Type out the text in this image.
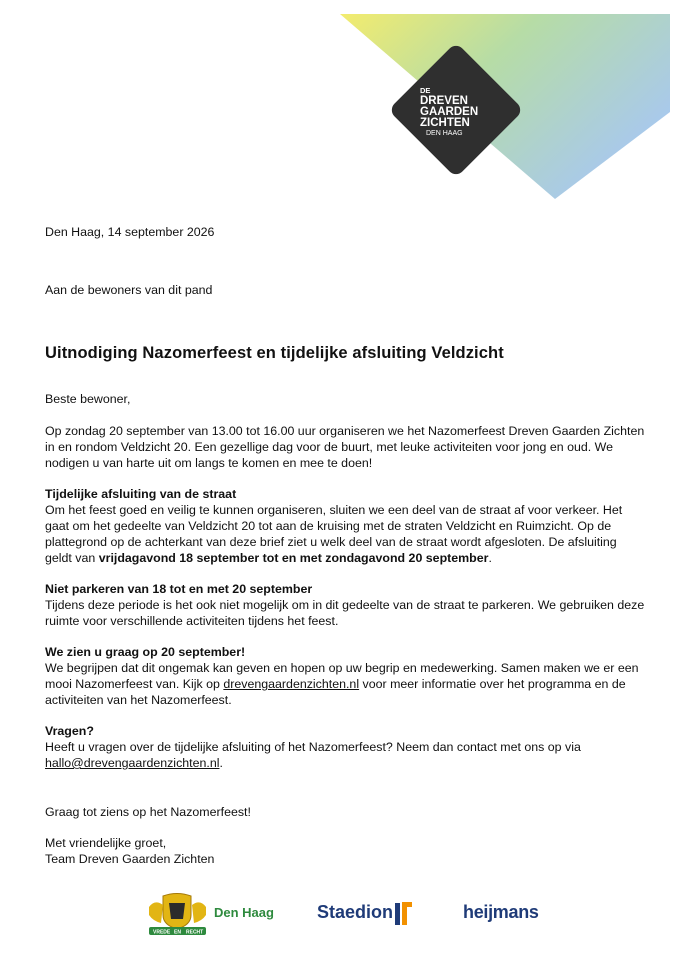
DE
DREVEN
GAARDEN
ZICHTEN
DEN HAAG

Den Haag, 14 september 2026

Aan de bewoners van dit pand

Uitnodiging Nazomerfeest en tijdelijke afsluiting Veldzicht

Beste bewoner,

Op zondag 20 september van 13.00 tot 16.00 uur organiseren we het Nazomerfeest Dreven Gaarden Zichten in en rondom Veldzicht 20. Een gezellige dag voor de buurt, met leuke activiteiten voor jong en oud. We nodigen u van harte uit om langs te komen en mee te doen!

Tijdelijke afsluiting van de straat

Om het feest goed en veilig te kunnen organiseren, sluiten we een deel van de straat af voor verkeer. Het gaat om het gedeelte van Veldzicht 20 tot aan de kruising met de straten Veldzicht en Ruimzicht. Op de plattegrond op de achterkant van deze brief ziet u welk deel van de straat wordt afgesloten. De afsluiting geldt van vrijdagavond 18 september tot en met zondagavond 20 september.

Niet parkeren van 18 tot en met 20 september

Tijdens deze periode is het ook niet mogelijk om in dit gedeelte van de straat te parkeren. We gebruiken deze ruimte voor verschillende activiteiten tijdens het feest.

We zien u graag op 20 september!

We begrijpen dat dit ongemak kan geven en hopen op uw begrip en medewerking. Samen maken we er een mooi Nazomerfeest van. Kijk op drevengaardenzichten.nl voor meer informatie over het programma en de activiteiten van het Nazomerfeest.

Vragen?

Heeft u vragen over de tijdelijke afsluiting of het Nazomerfeest? Neem dan contact met ons op via hallo@drevengaardenzichten.nl.

Graag tot ziens op het Nazomerfeest!

Met vriendelijke groet,
Team Dreven Gaarden Zichten

VREDE EN RECHT
Den Haag Staedion	heijmans
